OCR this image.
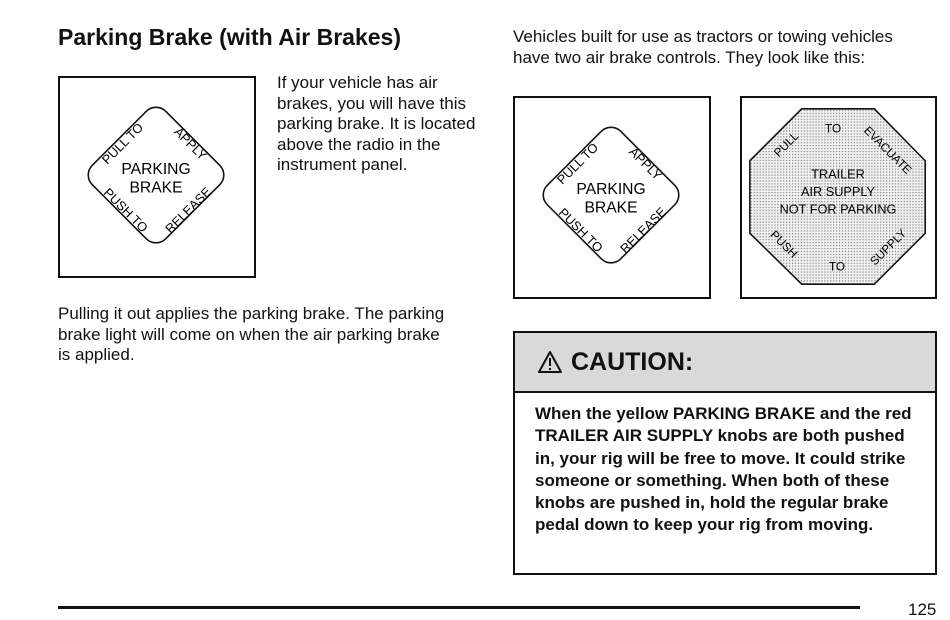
Parking Brake (with Air Brakes)
PULL TO APPLY
PARKING
BRAKE
PUSH TO RELEASE

If your vehicle has air brakes, you will have this parking brake. It is located above the radio in the instrument panel.

Pulling it out applies the parking brake. The parking brake light will come on when the air parking brake is applied.

Vehicles built for use as tractors or towing vehicles have two air brake controls. They look like this:

PULL TO APPLY
PARKING
BRAKE
PUSH TO RELEASE
TO
PULL	EVACUATE
TRAILER
AIR SUPPLY
NOT FOR PARKING
PUSH
TO SUPPLY
CAUTION:
When the yellow PARKING BRAKE and the red TRAILER AIR SUPPLY knobs are both pushed in, your rig will be free to move. It could strike someone or something. When both of these knobs are pushed in, hold the regular brake pedal down to keep your rig from moving.
125
